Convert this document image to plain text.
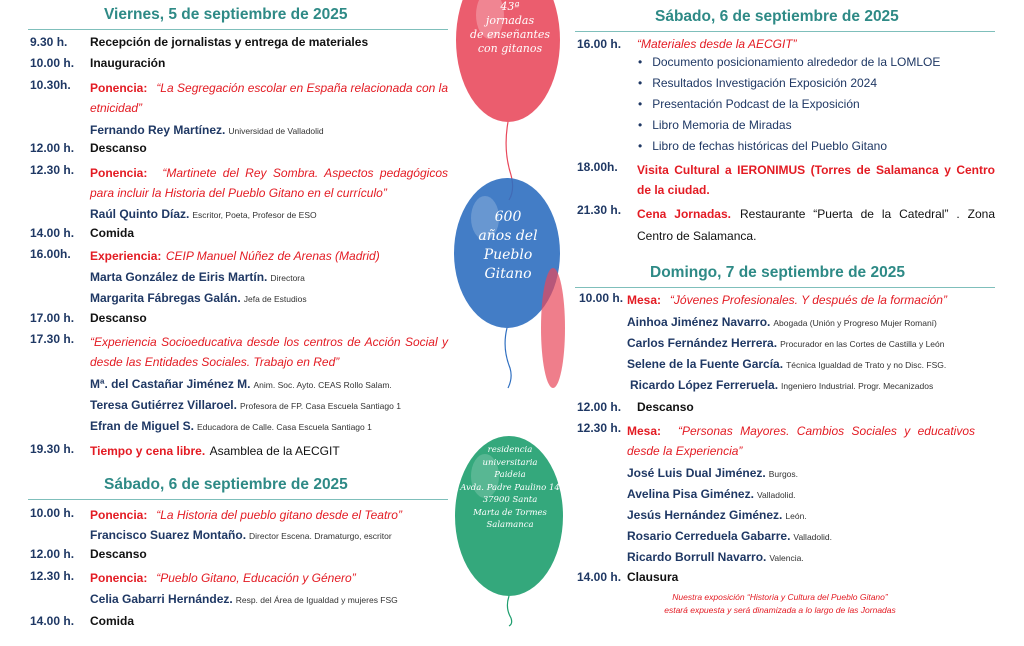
Viernes, 5 de septiembre de 2025
9.30 h. Recepción de jornalistas y entrega de materiales
10.00 h. Inauguración
10.30h. Ponencia: “La Segregación escolar en España relacionada con la etnicidad”
Fernando Rey Martínez. Universidad de Valladolid
12.00 h. Descanso
12.30 h. Ponencia: “Martinete del Rey Sombra. Aspectos pedagógicos para incluir la Historia del Pueblo Gitano en el currículo”
Raúl Quinto Díaz. Escritor, Poeta, Profesor de ESO
14.00 h. Comida
16.00h. Experiencia: CEIP Manuel Núñez de Arenas (Madrid)
Marta González de Eiris Martín. Directora
Margarita Fábregas Galán. Jefa de Estudios
17.00 h. Descanso
17.30 h. “Experiencia Socioeducativa desde los centros de Acción Social y desde las Entidades Sociales. Trabajo en Red”
Mª. del Castañar Jiménez M. Anim. Soc. Ayto. CEAS Rollo Salam.
Teresa Gutiérrez Villaroel. Profesora de FP. Casa Escuela Santiago 1
Efran de Miguel S. Educadora de Calle. Casa Escuela Santiago 1
19.30 h. Tiempo y cena libre. Asamblea de la AECGIT
Sábado, 6 de septiembre de 2025
10.00 h. Ponencia: “La Historia del pueblo gitano desde el Teatro”
Francisco Suarez Montaño. Director Escena. Dramaturgo, escritor
12.00 h. Descanso
12.30 h. Ponencia: “Pueblo Gitano, Educación y Género”
Celia Gabarri Hernández. Resp. del Área de Igualdad y mujeres FSG
14.00 h. Comida
43ª
jornadas
de enseñantes
con gitanos
600
años del
Pueblo
Gitano
residencia
universitaria
Paideia
Avda. Padre Paulino 14
37900 Santa
Marta de Tormes
Salamanca
Sábado, 6 de septiembre de 2025
16.00 h. “Materiales desde la AECGIT”
• Documento posicionamiento alrededor de la LOMLOE
• Resultados Investigación Exposición 2024
• Presentación Podcast de la Exposición
• Libro Memoria de Miradas
• Libro de fechas históricas del Pueblo Gitano
18.00h. Visita Cultural a IERONIMUS (Torres de Salamanca y Centro de la ciudad.
21.30 h. Cena Jornadas. Restaurante “Puerta de la Catedral” . Zona Centro de Salamanca.
Domingo, 7 de septiembre de 2025
10.00 h. Mesa: “Jóvenes Profesionales. Y después de la formación”
Ainhoa Jiménez Navarro. Abogada (Unión y Progreso Mujer Romaní)
Carlos Fernández Herrera. Procurador en las Cortes de Castilla y León
Selene de la Fuente García. Técnica Igualdad de Trato y no Disc. FSG.
Ricardo López Ferreruela. Ingeniero Industrial. Progr. Mecanizados
12.00 h. Descanso
12.30 h. Mesa: “Personas Mayores. Cambios Sociales y educativos desde la Experiencia”
José Luis Dual Jiménez. Burgos.
Avelina Pisa Giménez. Valladolid.
Jesús Hernández Giménez. León.
Rosario Cerreduela Gabarre. Valladolid.
Ricardo Borrull Navarro. Valencia.
14.00 h. Clausura
Nuestra exposición “Historia y Cultura del Pueblo Gitano”
estará expuesta y será dinamizada a lo largo de las Jornadas
